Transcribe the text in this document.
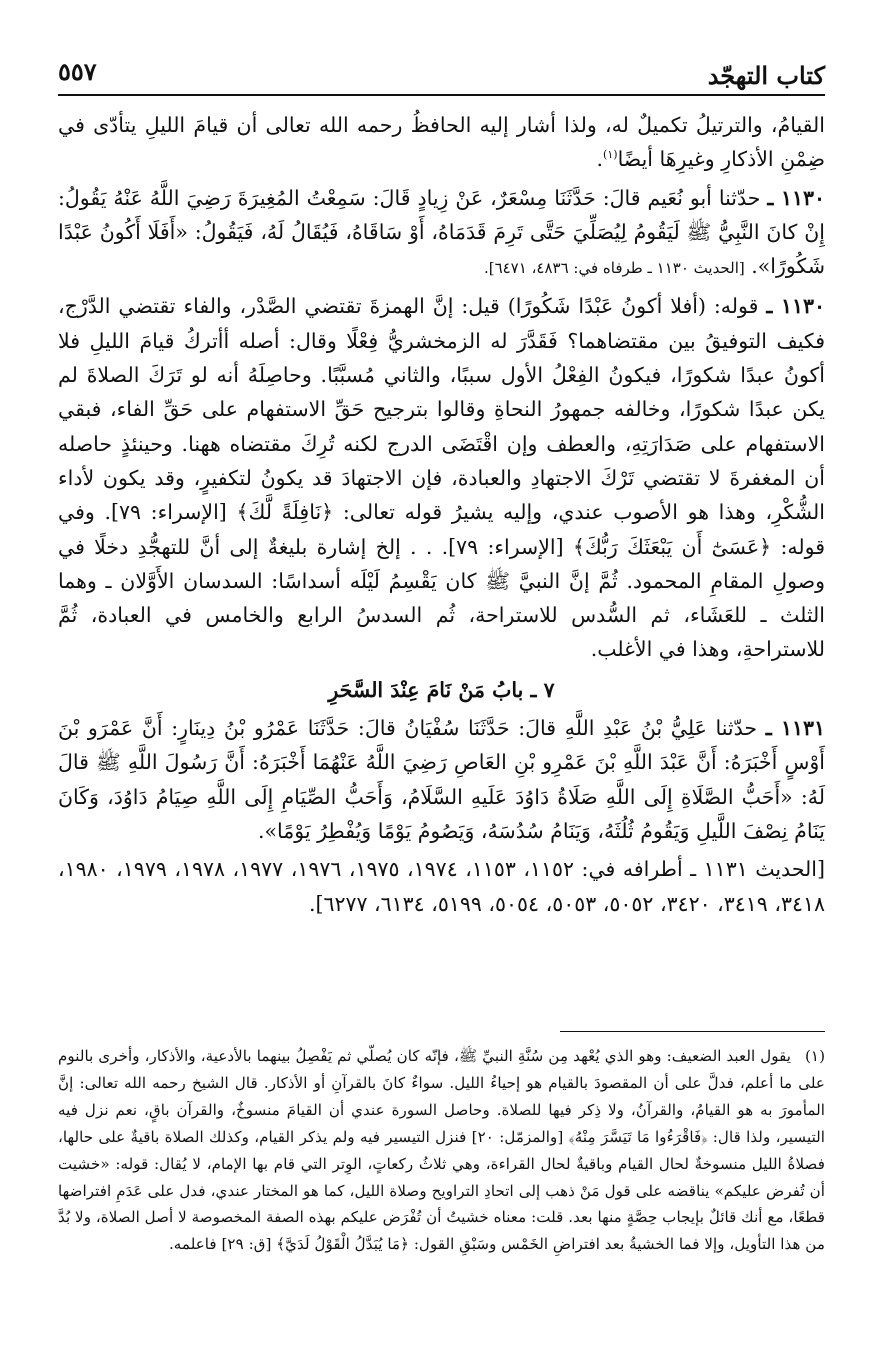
كتاب التهجّد
٥٥٧

القيامُ، والترتيلُ تكميلٌ له، ولذا أشار إليه الحافظُ رحمه الله تعالى أن قيامَ الليلِ يتأدّى في ضِمْنِ الأذكارِ وغيرِهَا أيضًا$^{(١)}$.

١١٣٠ ـ حدّثنا أبو نُعَيم قالَ: حَدَّثَنَا مِسْعَرٌ، عَنْ زِيادٍ قَالَ: سَمِعْتُ المُغِيرَةَ رَضِيَ اللَّهُ عَنْهُ يَقُولُ: إِنْ كانَ النَّبِيُّ ﷺ لَيَقُومُ لِيُصَلِّيَ حَتَّى تَرِمَ قَدَمَاهُ، أَوْ سَاقَاهُ، فَيُقَالُ لَهُ، فَيَقُولُ: «أَفَلَا أَكُونُ عَبْدًا شَكُورًا». [الحديث ١١٣٠ ـ طرفاه في: ٤٨٣٦، ٦٤٧١].

١١٣٠ ـ قوله: (أفلا أكونُ عَبْدًا شَكُورًا) قيل: إنَّ الهمزةَ تقتضي الصَّدْر، والفاء تقتضي الدَّرْج، فكيف التوفيقُ بين مقتضاهما؟ فَقَدَّرَ له الزمخشريُّ فِعْلًا وقال: أصله أأتركُ قيامَ الليلِ فلا أكونُ عبدًا شكورًا، فيكونُ الفِعْلُ الأول سببًا، والثاني مُسبَّبًا. وحاصِلَهُ أنه لو تَرَكَ الصلاةَ لم يكن عبدًا شكورًا، وخالفه جمهورُ النحاةِ وقالوا بترجيح حَقِّ الاستفهام على حَقِّ الفاء، فبقي الاستفهام على صَدَارَتِهِ، والعطف وإن اقْتَضَى الدرج لكنه تُرِكَ مقتضاه ههنا. وحينئذٍ حاصله أن المغفرةَ لا تقتضي تَرْكَ الاجتهادِ والعبادة، فإن الاجتهادَ قد يكونُ لتكفيرٍ، وقد يكون لأداء الشُّكْرِ، وهذا هو الأصوب عندي، وإليه يشيرُ قوله تعالى: ﴿نَافِلَةً لَّكَ﴾ [الإسراء: ٧٩]. وفي قوله: ﴿عَسَىٰٓ أَن يَبْعَثَكَ رَبُّكَ﴾ [الإسراء: ٧٩]. . . إلخ إشارة بليغةٌ إلى أنَّ للتهجُّدِ دخلًا في وصولِ المقامِ المحمود. ثُمَّ إنَّ النبيَّ ﷺ كان يَقْسِمُ لَيْلَه أسداسًا: السدسان الأَوَّلان ـ وهما الثلث ـ للعَشَاء، ثم السُّدس للاستراحة، ثُم السدسُ الرابع والخامس في العبادة، ثُمَّ للاستراحةِ، وهذا في الأغلب.

٧ ـ بابُ مَنْ نَامَ عِنْدَ السَّحَرِ

١١٣١ ـ حدّثنا عَلِيُّ بْنُ عَبْدِ اللَّهِ قالَ: حَدَّثَنَا سُفْيَانُ قالَ: حَدَّثَنَا عَمْرُو بْنُ دِينَارٍ: أَنَّ عَمْرَو بْنَ أَوْسٍ أَخْبَرَهُ: أَنَّ عَبْدَ اللَّهِ بْنَ عَمْرِو بْنِ العَاصِ رَضِيَ اللَّهُ عَنْهُمَا أَخْبَرَهُ: أَنَّ رَسُولَ اللَّهِ ﷺ قالَ لَهُ: «أَحَبُّ الصَّلَاةِ إِلَى اللَّهِ صَلَاةُ دَاوُدَ عَلَيهِ السَّلَامُ، وَأَحَبُّ الصِّيَامِ إِلَى اللَّهِ صِيَامُ دَاوُدَ، وَكَانَ يَنَامُ نِصْفَ اللَّيلِ وَيَقُومُ ثُلُثَهُ، وَيَنَامُ سُدُسَهُ، وَيَصُومُ يَوْمًا وَيُفْطِرُ يَوْمًا».

[الحديث ١١٣١ ـ أطرافه في: ١١٥٢، ١١٥٣، ١٩٧٤، ١٩٧٥، ١٩٧٦، ١٩٧٧، ١٩٧٨، ١٩٧٩، ١٩٨٠، ٣٤١٨، ٣٤١٩، ٣٤٢٠، ٥٠٥٢، ٥٠٥٣، ٥٠٥٤، ٥١٩٩، ٦١٣٤، ٦٢٧٧].

(١)يقول العبد الضعيف: وهو الذي يُعْهد مِن سُنَّةِ النبيِّ ﷺ، فإنّه كان يُصلّي ثم يَفْصِلُ بينهما بالأدعية، والأذكار، وأخرى بالنوم على ما أعلم، فدلَّ على أن المقصودَ بالقيام هو إحياءُ الليل. سواءٌ كانَ بالقرآنِ أو الأذكار. قال الشيخ رحمه الله تعالى: إنَّ المأمورَ به هو القيامُ، والقرآنُ، ولا ذِكر فيها للصلاة. وحاصل السورة عندي أن القيامَ منسوخٌ، والقرآن باقٍ، نعم نزل فيه التيسير، ولذا قال: ﴿فَاقْرَءُوا مَا تَيَسَّرَ مِنْهُ﴾ [والمزمّل: ٢٠] فنزل التيسير فيه ولم يذكر القيام، وكذلك الصلاة باقيةٌ على حالها، فصلاةُ الليل منسوخةٌ لحال القيام وباقيةٌ لحال القراءة، وهي ثلاثُ ركعاتٍ، الوِتر التي قام بها الإمام، لا يُقال: قوله: «خشيت أن تُفرض عليكم» يناقضه على قول مَنْ ذهب إلى اتحادِ التراويح وصلاة الليل، كما هو المختار عندي، فدل على عَدَمِ افتراضها قطعًا، مع أنك قائلٌ بإيجاب حِصَّةٍ منها بعد. قلت: معناه خشيتُ أن تُفْرَض عليكم بهذه الصفة المخصوصة لا أصل الصلاة، ولا بُدَّ من هذا التأويل، وإلا فما الخشيةُ بعد افتراضِ الخَمْس وسَبْقِ القول: ﴿مَا يُبَدَّلُ الْقَوْلُ لَدَيَّ﴾ [ق: ٢٩] فاعلمه.
